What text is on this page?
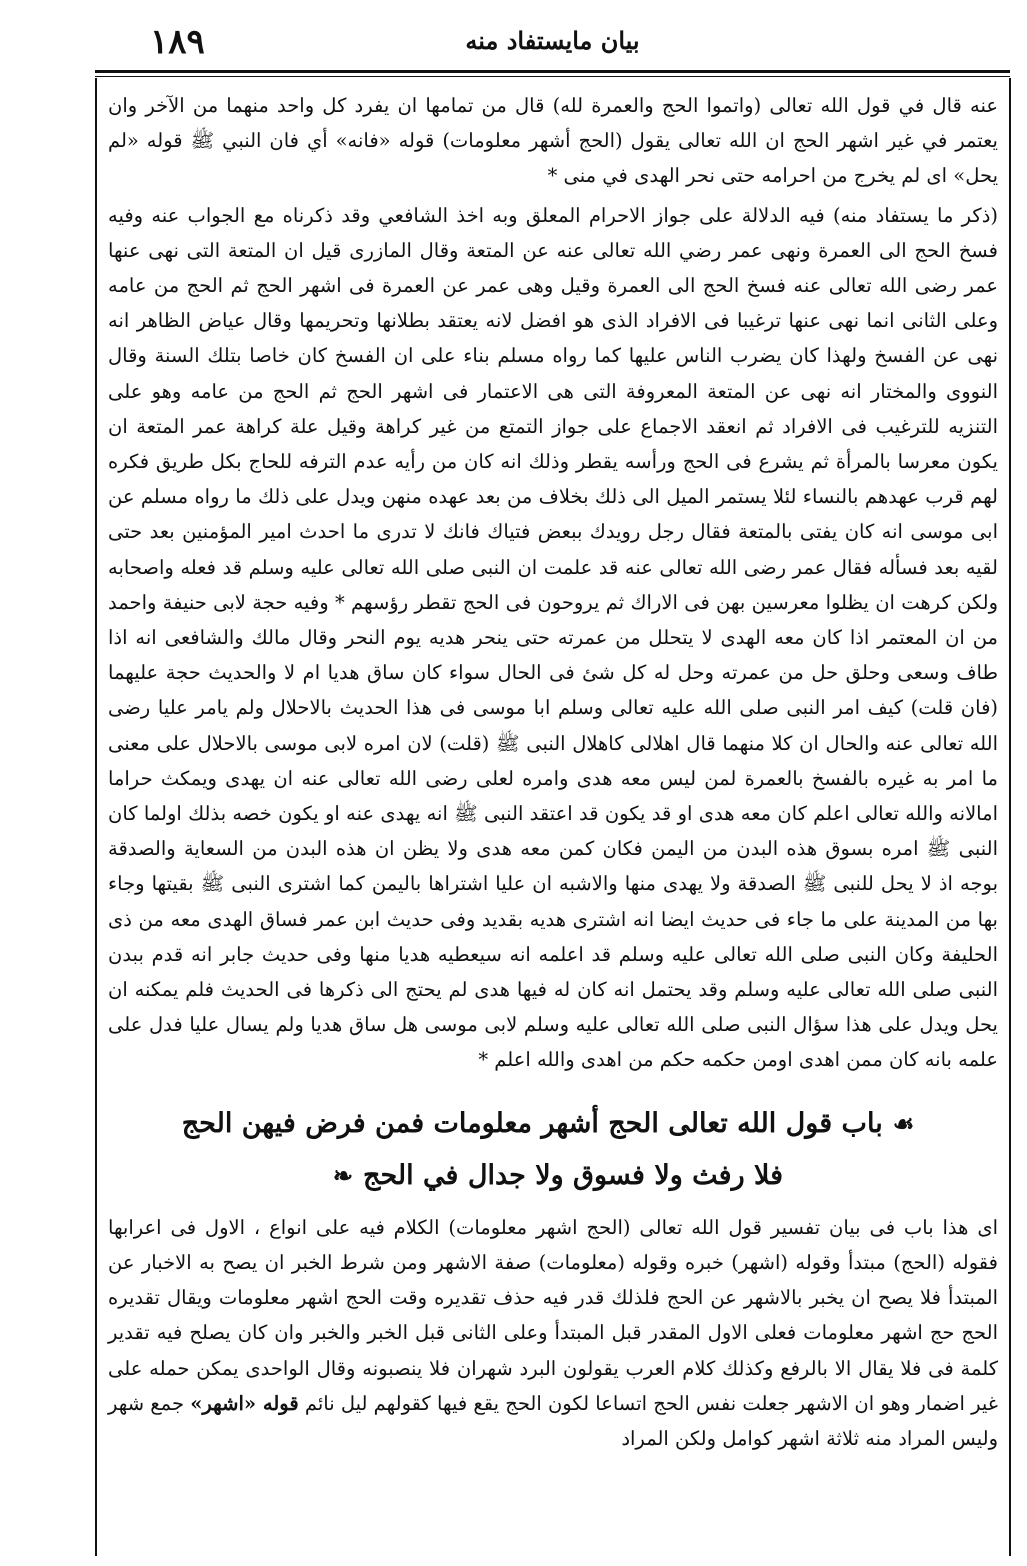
١٨٩	بيان مايستفاد منه

عنه قال في قول الله تعالى (واتموا الحج والعمرة لله) قال من تمامها ان يفرد كل واحد منهما من الآخر وان يعتمر في غير اشهر الحج ان الله تعالى يقول (الحج أشهر معلومات) قوله «فانه» أي فان النبي ﷺ قوله «لم يحل» اى لم يخرج من احرامه حتى نحر الهدى في منى *

(ذكر ما يستفاد منه) فيه الدلالة على جواز الاحرام المعلق وبه اخذ الشافعي وقد ذكرناه مع الجواب عنه وفيه فسخ الحج الى العمرة ونهى عمر رضي الله تعالى عنه عن المتعة وقال المازرى قيل ان المتعة التى نهى عنها عمر رضى الله تعالى عنه فسخ الحج الى العمرة وقيل وهى عمر عن العمرة فى اشهر الحج ثم الحج من عامه وعلى الثانى انما نهى عنها ترغيبا فى الافراد الذى هو افضل لانه يعتقد بطلانها وتحريمها وقال عياض الظاهر انه نهى عن الفسخ ولهذا كان يضرب الناس عليها كما رواه مسلم بناء على ان الفسخ كان خاصا بتلك السنة وقال النووى والمختار انه نهى عن المتعة المعروفة التى هى الاعتمار فى اشهر الحج ثم الحج من عامه وهو على التنزيه للترغيب فى الافراد ثم انعقد الاجماع على جواز التمتع من غير كراهة وقيل علة كراهة عمر المتعة ان يكون معرسا بالمرأة ثم يشرع فى الحج ورأسه يقطر وذلك انه كان من رأيه عدم الترفه للحاج بكل طريق فكره لهم قرب عهدهم بالنساء لئلا يستمر الميل الى ذلك بخلاف من بعد عهده منهن ويدل على ذلك ما رواه مسلم عن ابى موسى انه كان يفتى بالمتعة فقال رجل رويدك ببعض فتياك فانك لا تدرى ما احدث امير المؤمنين بعد حتى لقيه بعد فسأله فقال عمر رضى الله تعالى عنه قد علمت ان النبى صلى الله تعالى عليه وسلم قد فعله واصحابه ولكن كرهت ان يظلوا معرسين بهن فى الاراك ثم يروحون فى الحج تقطر رؤسهم * وفيه حجة لابى حنيفة واحمد من ان المعتمر اذا كان معه الهدى لا يتحلل من عمرته حتى ينحر هديه يوم النحر وقال مالك والشافعى انه اذا طاف وسعى وحلق حل من عمرته وحل له كل شئ فى الحال سواء كان ساق هديا ام لا والحديث حجة عليهما (فان قلت) كيف امر النبى صلى الله عليه تعالى وسلم ابا موسى فى هذا الحديث بالاحلال ولم يامر عليا رضى الله تعالى عنه والحال ان كلا منهما قال اهلالى كاهلال النبى ﷺ (قلت) لان امره لابى موسى بالاحلال على معنى ما امر به غيره بالفسخ بالعمرة لمن ليس معه هدى وامره لعلى رضى الله تعالى عنه ان يهدى ويمكث حراما امالانه والله تعالى اعلم كان معه هدى او قد يكون قد اعتقد النبى ﷺ انه يهدى عنه او يكون خصه بذلك اولما كان النبى ﷺ امره بسوق هذه البدن من اليمن فكان كمن معه هدى ولا يظن ان هذه البدن من السعاية والصدقة بوجه اذ لا يحل للنبى ﷺ الصدقة ولا يهدى منها والاشبه ان عليا اشتراها باليمن كما اشترى النبى ﷺ بقيتها وجاء بها من المدينة على ما جاء فى حديث ايضا انه اشترى هديه بقديد وفى حديث ابن عمر فساق الهدى معه من ذى الحليفة وكان النبى صلى الله تعالى عليه وسلم قد اعلمه انه سيعطيه هديا منها وفى حديث جابر انه قدم ببدن النبى صلى الله تعالى عليه وسلم وقد يحتمل انه كان له فيها هدى لم يحتج الى ذكرها فى الحديث فلم يمكنه ان يحل ويدل على هذا سؤال النبى صلى الله تعالى عليه وسلم لابى موسى هل ساق هديا ولم يسال عليا فدل على علمه بانه كان ممن اهدى اومن حكمه حكم من اهدى والله اعلم *

☙باب قول الله تعالى الحج أشهر معلومات فمن فرض فيهن الحج
فلا رفث ولا فسوق ولا جدال في الحج❧

اى هذا باب فى بيان تفسير قول الله تعالى (الحج اشهر معلومات) الكلام فيه على انواع ، الاول فى اعرابها فقوله (الحج) مبتدأ وقوله (اشهر) خبره وقوله (معلومات) صفة الاشهر ومن شرط الخبر ان يصح به الاخبار عن المبتدأ فلا يصح ان يخبر بالاشهر عن الحج فلذلك قدر فيه حذف تقديره وقت الحج اشهر معلومات ويقال تقديره الحج حج اشهر معلومات فعلى الاول المقدر قبل المبتدأ وعلى الثانى قبل الخبر والخبر وان كان يصلح فيه تقدير كلمة فى فلا يقال الا بالرفع وكذلك كلام العرب يقولون البرد شهران فلا ينصبونه وقال الواحدى يمكن حمله على غير اضمار وهو ان الاشهر جعلت نفس الحج اتساعا لكون الحج يقع فيها كقولهم ليل نائم قوله «اشهر» جمع شهر وليس المراد منه ثلاثة اشهر كوامل ولكن المراد
